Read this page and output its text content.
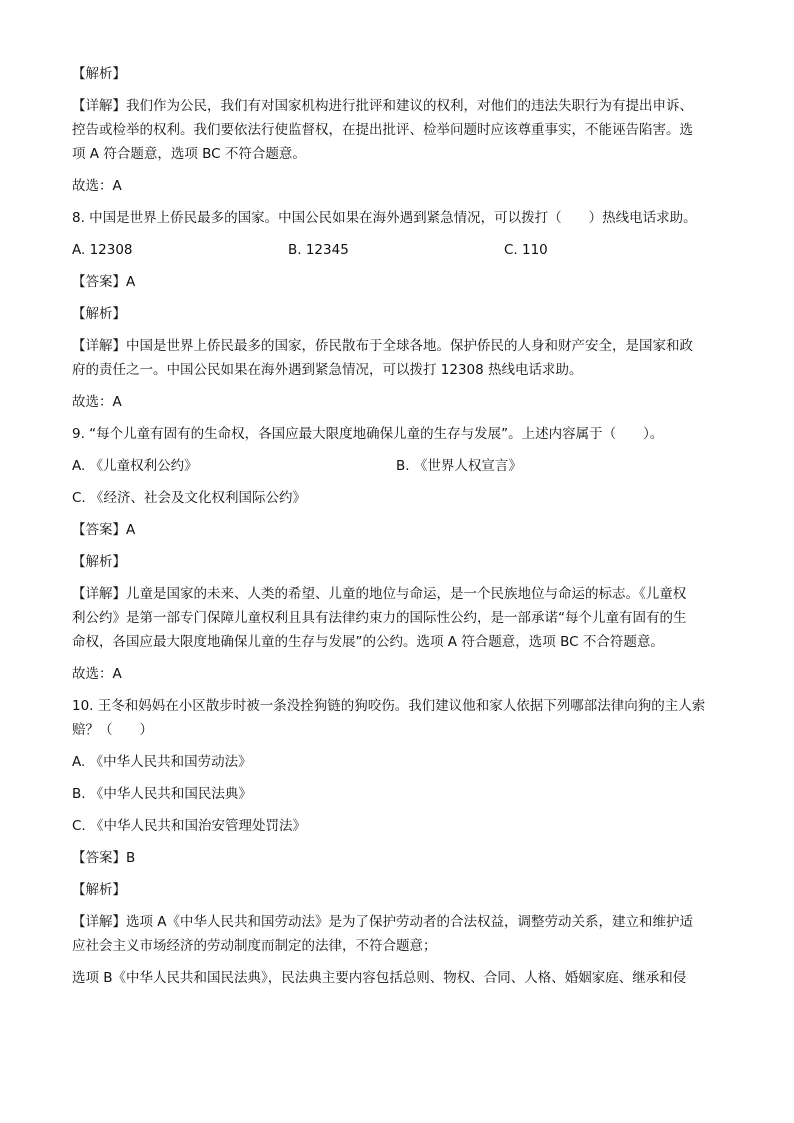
【解析】
【详解】我们作为公民，我们有对国家机构进行批评和建议的权利，对他们的违法失职行为有提出申诉、
控告或检举的权利。我们要依法行使监督权，在提出批评、检举问题时应该尊重事实，不能诬告陷害。选
项 A 符合题意，选项 BC 不符合题意。
故选：A
8. 中国是世界上侨民最多的国家。中国公民如果在海外遇到紧急情况，可以拨打（　　）热线电话求助。
A. 12308	B. 12345	C. 110
【答案】A
【解析】
【详解】中国是世界上侨民最多的国家，侨民散布于全球各地。保护侨民的人身和财产安全，是国家和政
府的责任之一。中国公民如果在海外遇到紧急情况，可以拨打 12308 热线电话求助。
故选：A
9. “每个儿童有固有的生命权，各国应最大限度地确保儿童的生存与发展”。上述内容属于（　　）。
A. 《儿童权利公约》	B. 《世界人权宣言》
C. 《经济、社会及文化权利国际公约》
【答案】A
【解析】
【详解】儿童是国家的未来、人类的希望、儿童的地位与命运，是一个民族地位与命运的标志。《儿童权
利公约》是第一部专门保障儿童权利且具有法律约束力的国际性公约，是一部承诺“每个儿童有固有的生
命权，各国应最大限度地确保儿童的生存与发展”的公约。选项 A 符合题意，选项 BC 不合符题意。
故选：A
10. 王冬和妈妈在小区散步时被一条没拴狗链的狗咬伤。我们建议他和家人依据下列哪部法律向狗的主人索
赔？（　　）
A. 《中华人民共和国劳动法》
B. 《中华人民共和国民法典》
C. 《中华人民共和国治安管理处罚法》
【答案】B
【解析】
【详解】选项 A《中华人民共和国劳动法》是为了保护劳动者的合法权益，调整劳动关系，建立和维护适
应社会主义市场经济的劳动制度而制定的法律，不符合题意；
选项 B《中华人民共和国民法典》，民法典主要内容包括总则、物权、合同、人格、婚姻家庭、继承和侵
